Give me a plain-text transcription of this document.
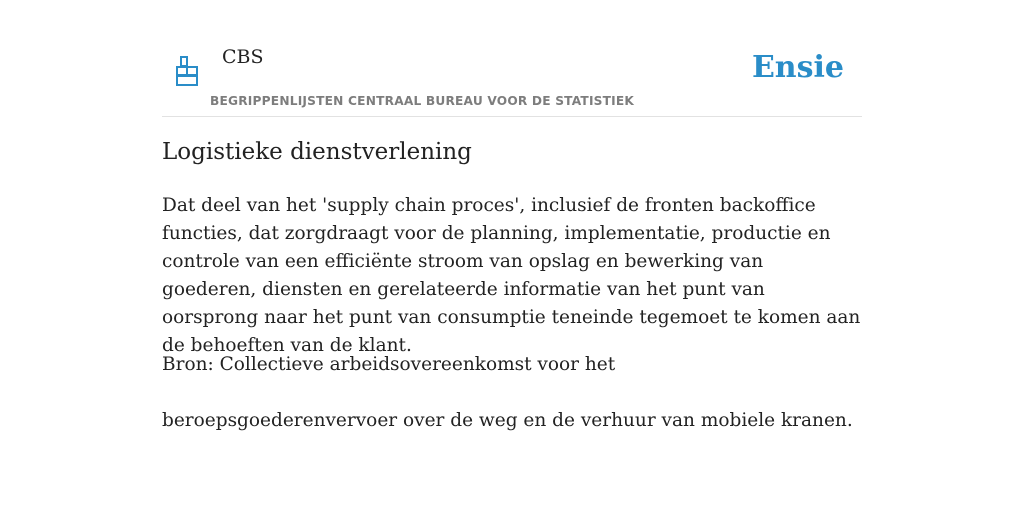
CBS
BEGRIPPENLIJSTEN CENTRAAL BUREAU VOOR DE STATISTIEK
Ensie
Logistieke dienstverlening

Dat deel van het 'supply chain proces', inclusief de fronten backoffice functies, dat zorgdraagt voor de planning, implementatie, productie en controle van een efficiënte stroom van opslag en bewerking van goederen, diensten en gerelateerde informatie van het punt van oorsprong naar het punt van consumptie teneinde tegemoet te komen aan de behoeften van de klant.

Bron: Collectieve arbeidsovereenkomst voor het

beroepsgoederenvervoer over de weg en de verhuur van mobiele kranen.
